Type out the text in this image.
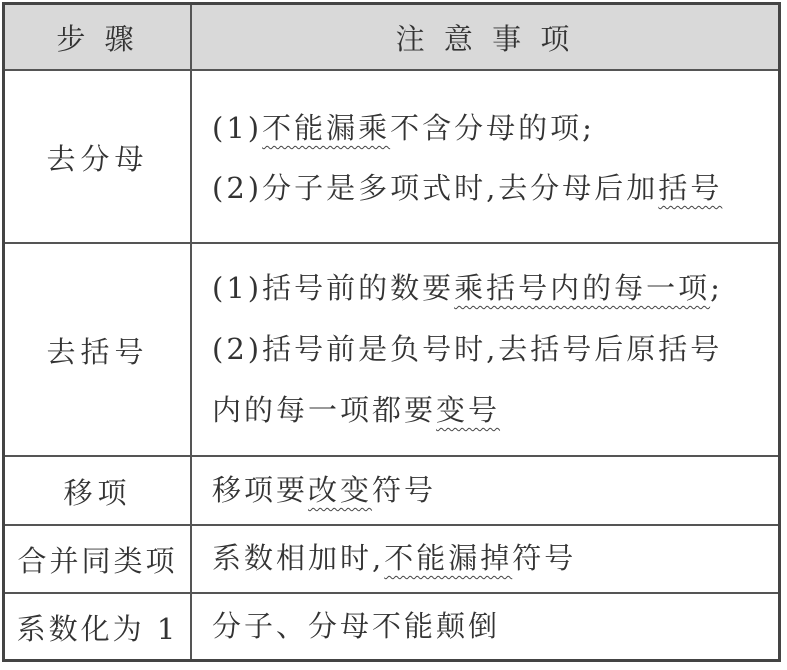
步 骤	注 意 事 项
去分母
去括号
移项
合并同类项
系数化为 1
(1)不能漏乘不含分母的项;
(2)分子是多项式时,去分母后加括号
(1)括号前的数要乘括号内的每一项;
(2)括号前是负号时,去括号后原括号
内的每一项都要变号
移项要改变符号
系数相加时,不能漏掉符号
分子、分母不能颠倒
